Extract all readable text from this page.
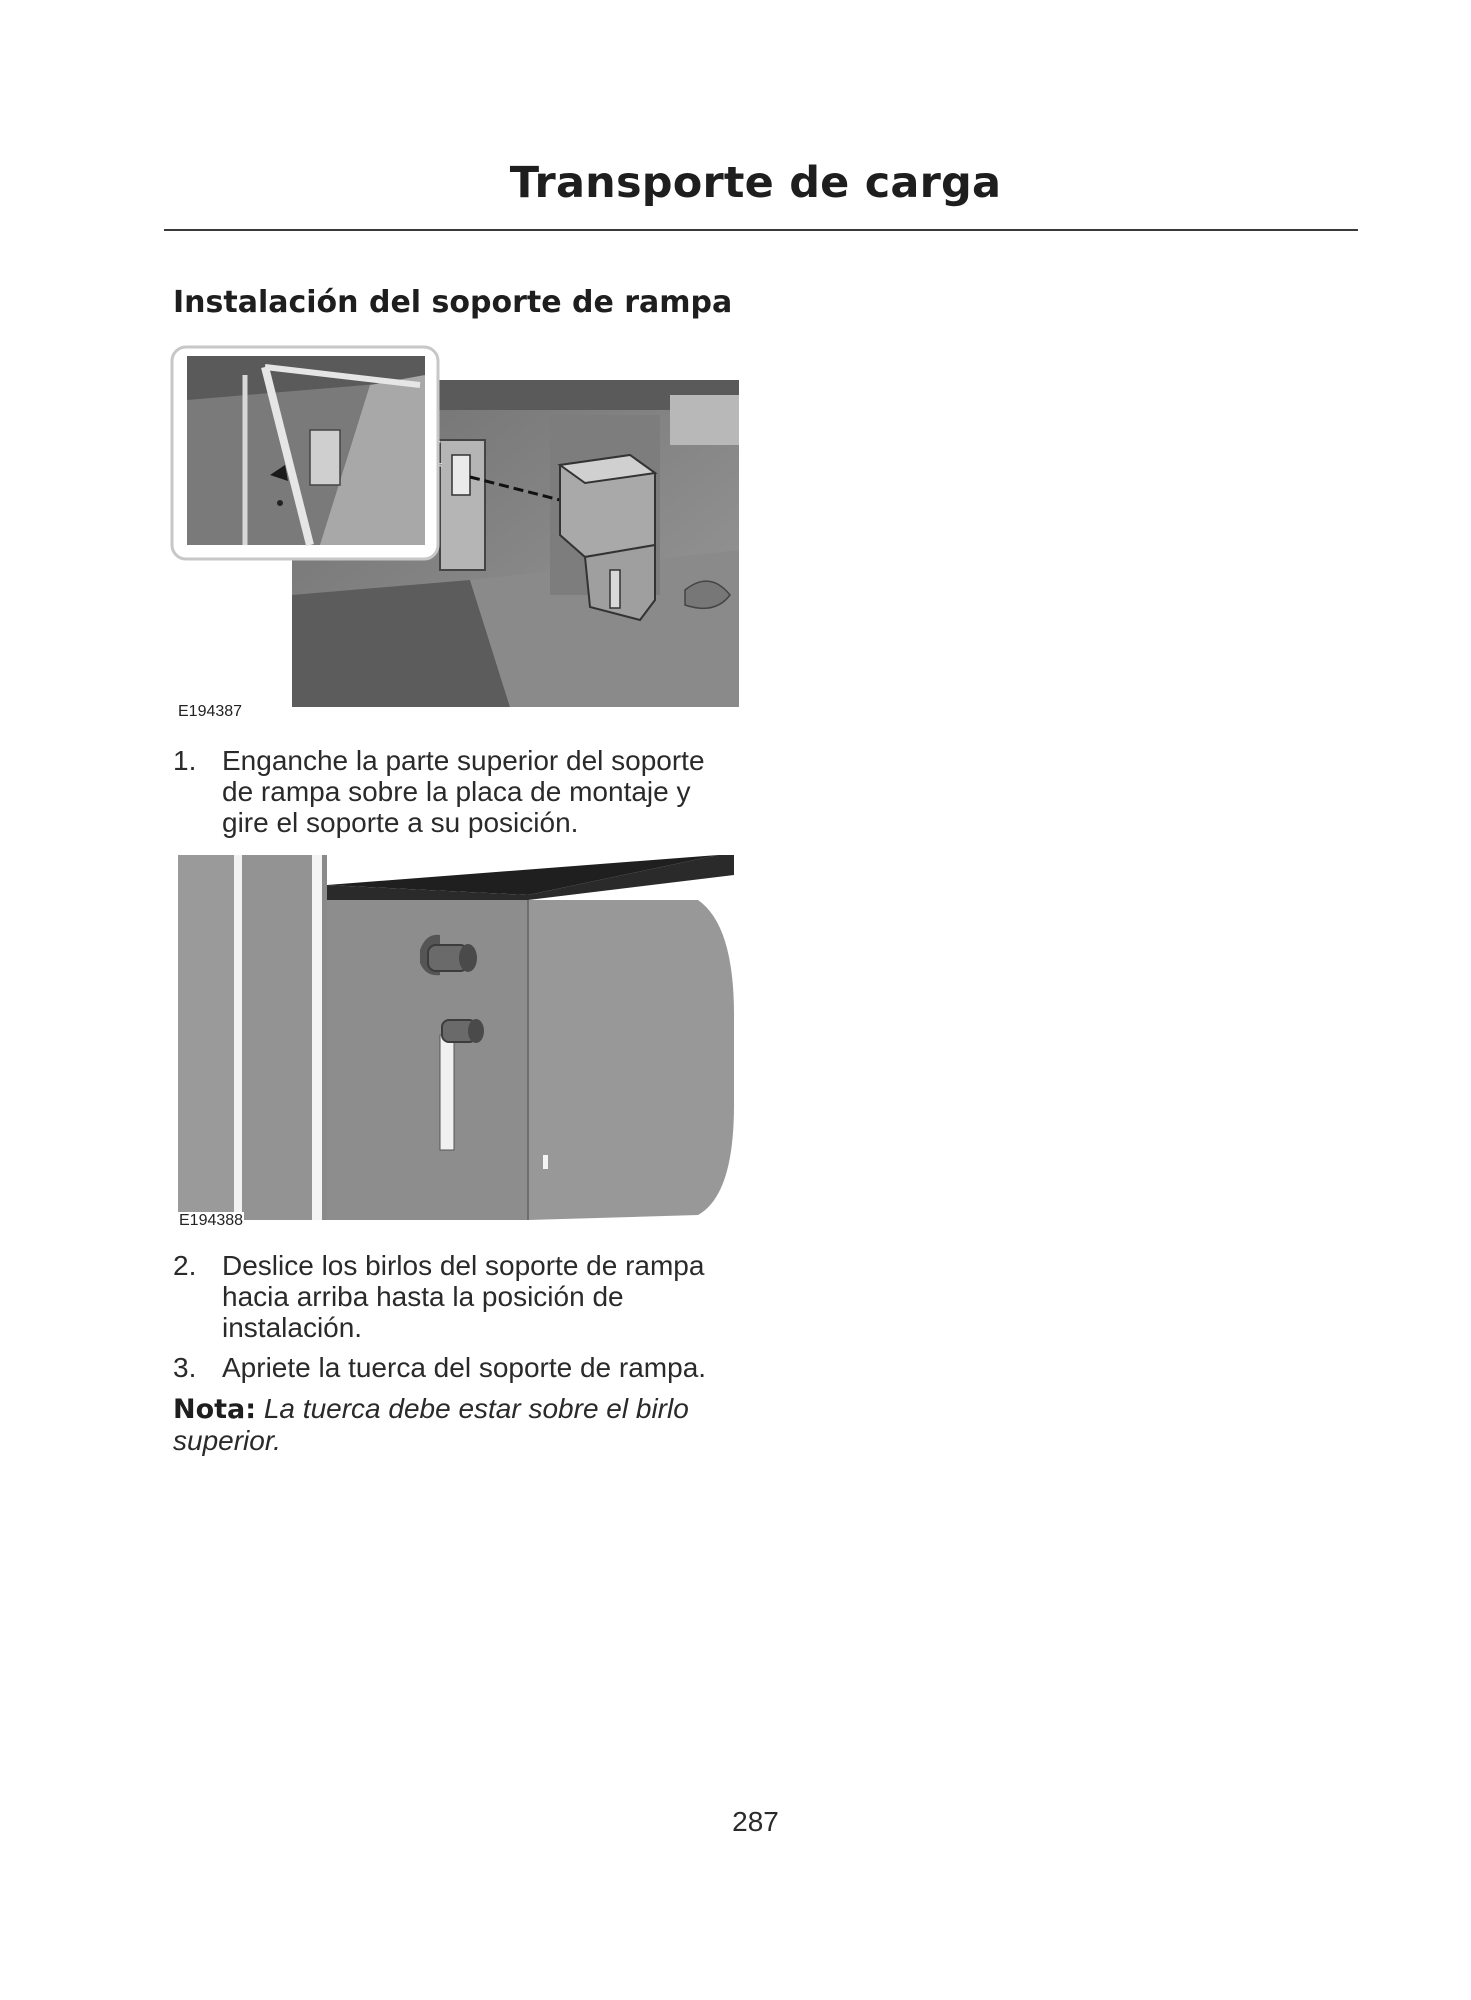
Transporte de carga
Instalación del soporte de rampa
E194387
1. Enganche la parte superior del soporte de rampa sobre la placa de montaje y gire el soporte a su posición.
E194388
2. Deslice los birlos del soporte de rampa hacia arriba hasta la posición de instalación.
3. Apriete la tuerca del soporte de rampa.
Nota: La tuerca debe estar sobre el birlo superior.
287
